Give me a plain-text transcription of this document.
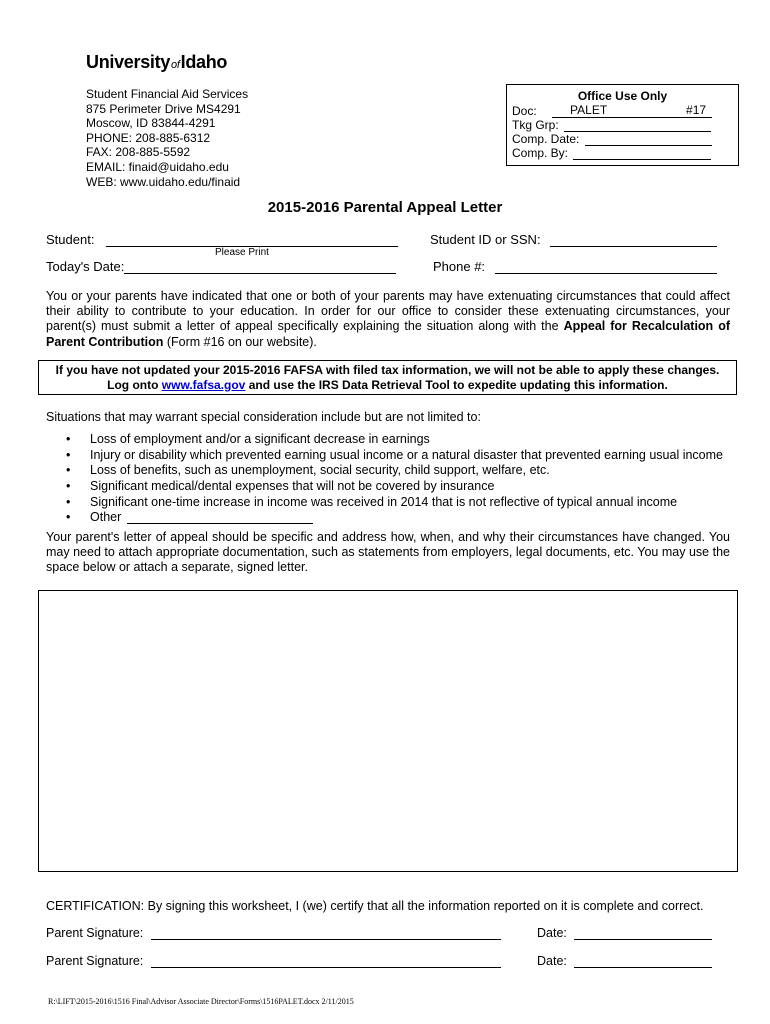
UniversityofIdaho
Student Financial Aid Services
875 Perimeter Drive MS4291
Moscow, ID 83844-4291
PHONE: 208-885-6312
FAX: 208-885-5592
EMAIL: finaid@uidaho.edu
WEB: www.uidaho.edu/finaid
Office Use Only
Doc:	PALET	#17

Tkg Grp:
Comp. Date:
Comp. By:
2015-2016 Parental Appeal Letter
Student:
Please Print
Student ID or SSN:
Today's Date:	Phone #:
You or your parents have indicated that one or both of your parents may have extenuating circumstances that could affect their ability to contribute to your education. In order for our office to consider these extenuating circumstances, your parent(s) must submit a letter of appeal specifically explaining the situation along with the Appeal for Recalculation of Parent Contribution (Form #16 on our website).
If you have not updated your 2015-2016 FAFSA with filed tax information, we will not be able to apply these changes.
Log onto www.fafsa.gov and use the IRS Data Retrieval Tool to expedite updating this information.
Situations that may warrant special consideration include but are not limited to:
• Loss of employment and/or a significant decrease in earnings
• Injury or disability which prevented earning usual income or a natural disaster that prevented earning usual income
• Loss of benefits, such as unemployment, social security, child support, welfare, etc.
• Significant medical/dental expenses that will not be covered by insurance
• Significant one-time increase in income was received in 2014 that is not reflective of typical annual income
• Other
Your parent's letter of appeal should be specific and address how, when, and why their circumstances have changed. You may need to attach appropriate documentation, such as statements from employers, legal documents, etc. You may use the space below or attach a separate, signed letter.
CERTIFICATION: By signing this worksheet, I (we) certify that all the information reported on it is complete and correct.
Parent Signature:	Date:
Parent Signature:	Date:
R:\LIFT\2015-2016\1516 Final\Advisor Associate Director\Forms\1516PALET.docx 2/11/2015
